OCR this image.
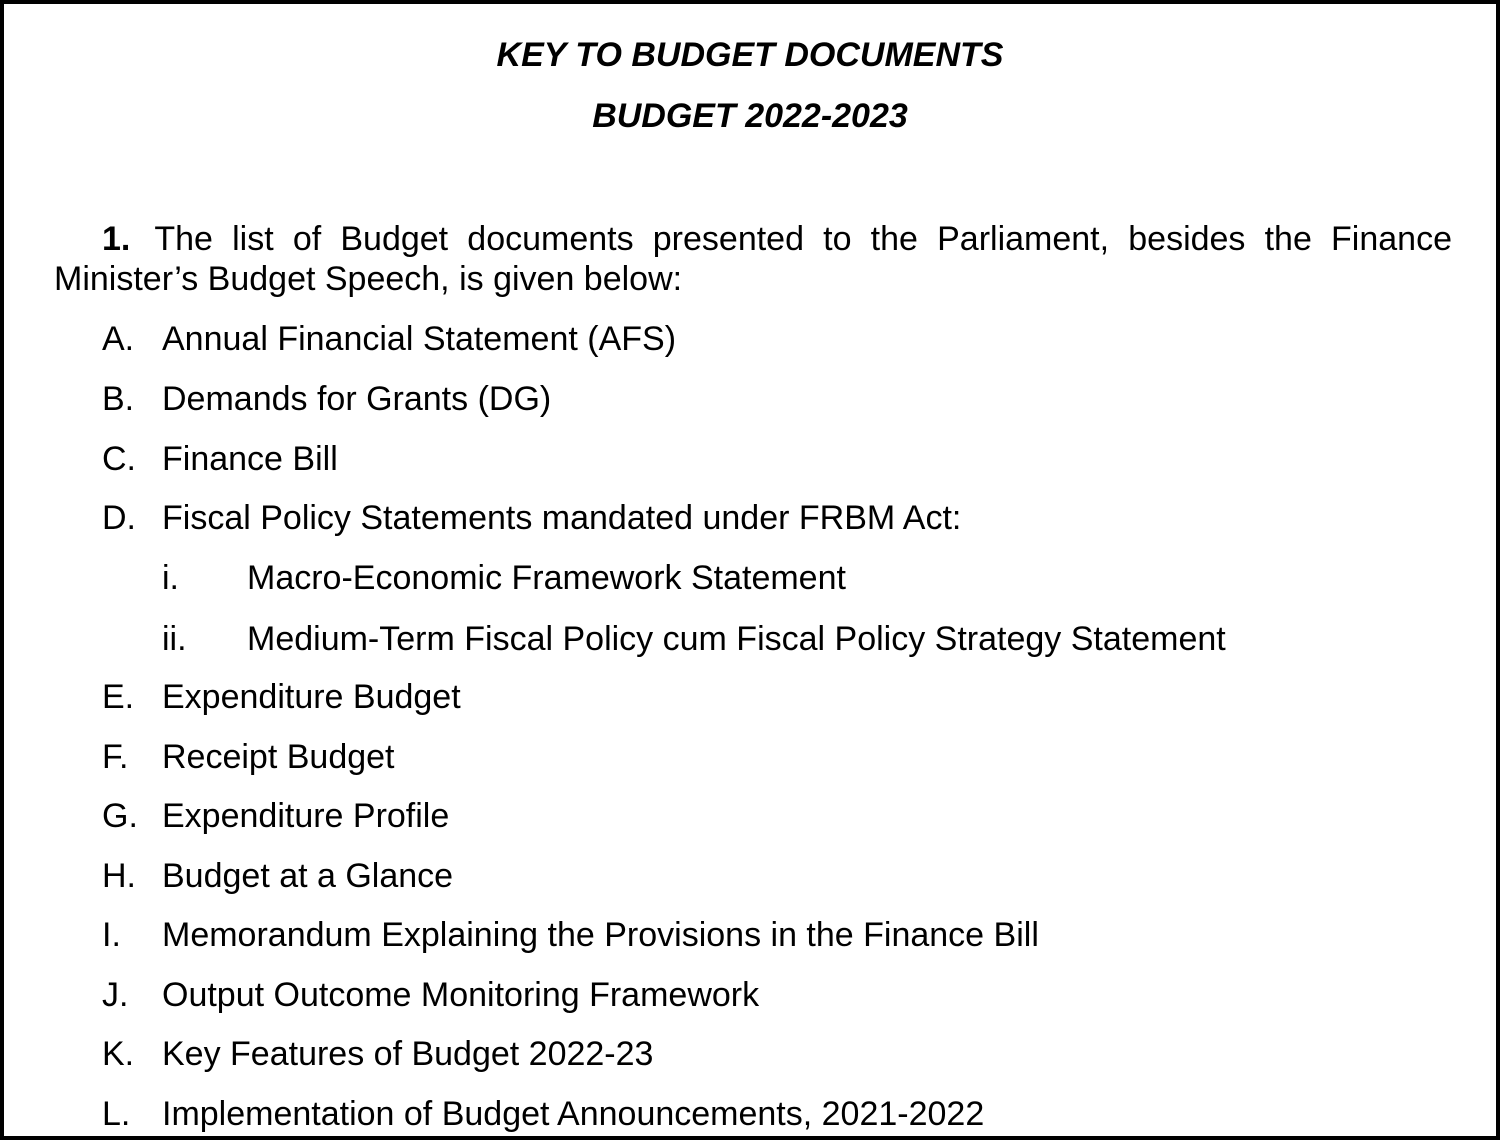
KEY TO BUDGET DOCUMENTS
BUDGET 2022-2023
1. The list of Budget documents presented to the Parliament, besides the Finance Minister’s Budget Speech, is given below:
A. Annual Financial Statement (AFS)
B. Demands for Grants (DG)
C. Finance Bill
D. Fiscal Policy Statements mandated under FRBM Act:
i. Macro-Economic Framework Statement
ii. Medium-Term Fiscal Policy cum Fiscal Policy Strategy Statement
E. Expenditure Budget
F. Receipt Budget
G. Expenditure Profile
H. Budget at a Glance
I. Memorandum Explaining the Provisions in the Finance Bill
J. Output Outcome Monitoring Framework
K. Key Features of Budget 2022-23
L. Implementation of Budget Announcements, 2021-2022
